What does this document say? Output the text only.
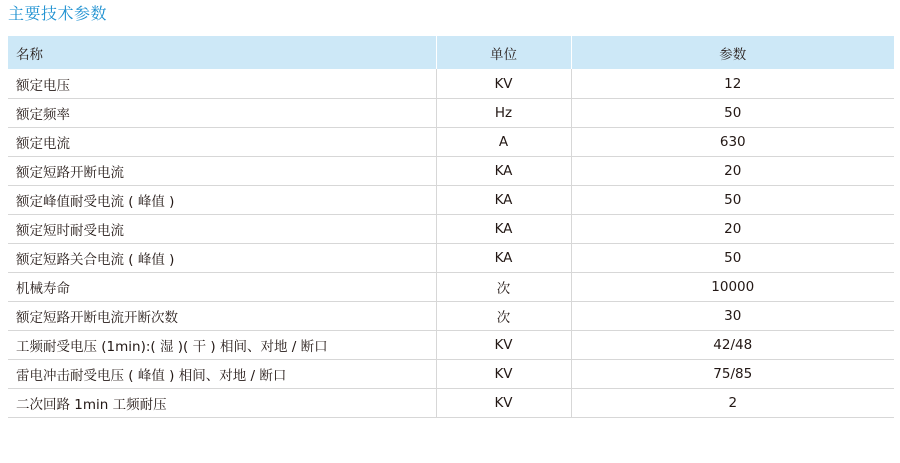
主要技术参数
名称	单位	参数
额定电压	KV	12
额定频率	Hz	50
额定电流	A	630
额定短路开断电流	KA	20
额定峰值耐受电流 ( 峰值 )	KA	50
额定短时耐受电流	KA	20
额定短路关合电流 ( 峰值 )	KA	50
机械寿命	次	10000
额定短路开断电流开断次数	次	30
工频耐受电压 (1min):( 湿 )( 干 ) 相间、对地 / 断口	KV	42/48
雷电冲击耐受电压 ( 峰值 ) 相间、对地 / 断口	KV	75/85
二次回路 1min 工频耐压	KV	2
